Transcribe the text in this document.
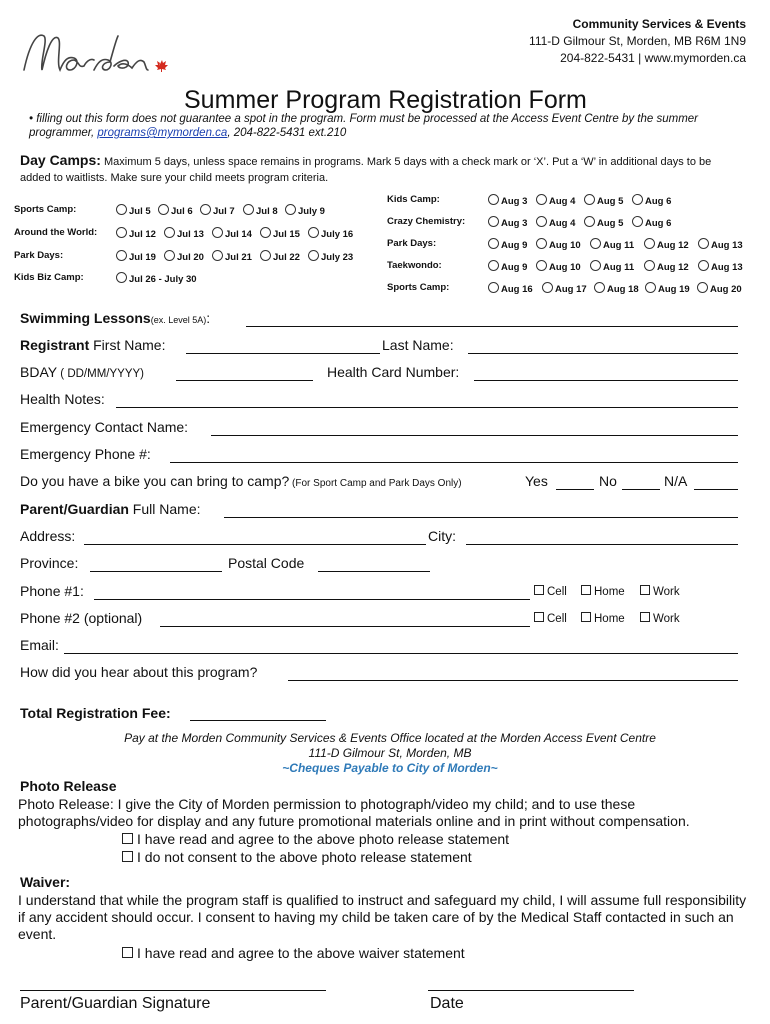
Community Services & Events
111-D Gilmour St, Morden, MB R6M 1N9
204-822-5431 | www.mymorden.ca
Summer Program Registration Form
• filling out this form does not guarantee a spot in the program. Form must be processed at the Access Event Centre by the summer programmer, programs@mymorden.ca, 204-822-5431 ext.210
Day Camps: Maximum 5 days, unless space remains in programs. Mark 5 days with a check mark or ‘X’. Put a ‘W’ in additional days to be added to waitlists. Make sure your child meets program criteria.
Sports Camp:	Jul 5	Jul 6	Jul 7	Jul 8	July 9
Around the World:	Jul 12	Jul 13	Jul 14	Jul 15	July 16
Park Days:	Jul 19	Jul 20	Jul 21	Jul 22	July 23
Kids Biz Camp:	Jul 26 - July 30
Kids Camp:	Aug 3	Aug 4	Aug 5	Aug 6
Crazy Chemistry:	Aug 3	Aug 4	Aug 5	Aug 6
Park Days:	Aug 9	Aug 10	Aug 11	Aug 12	Aug 13
Taekwondo:	Aug 9	Aug 10	Aug 11	Aug 12	Aug 13
Sports Camp:	Aug 16	Aug 17	Aug 18	Aug 19	Aug 20
Swimming Lessons(ex. Level 5A):
Registrant First Name:	Last Name:
BDAY ( DD/MM/YYYY)	Health Card Number:
Health Notes:
Emergency Contact Name:
Emergency Phone #:
Do you have a bike you can bring to camp? (For Sport Camp and Park Days Only)	Yes	No	N/A
Parent/Guardian Full Name:
Address:	City:
Province:	Postal Code
Phone #1:	Cell	Home	Work
Phone #2 (optional)	Cell	Home	Work
Email:
How did you hear about this program?
Total Registration Fee:
Pay at the Morden Community Services & Events Office located at the Morden Access Event Centre
111-D Gilmour St, Morden, MB
~Cheques Payable to City of Morden~
Photo Release
Photo Release: I give the City of Morden permission to photograph/video my child; and to use these photographs/video for display and any future promotional materials online and in print without compensation.
I have read and agree to the above photo release statement
I do not consent to the above photo release statement
Waiver:
I understand that while the program staff is qualified to instruct and safeguard my child, I will assume full responsibility if any accident should occur. I consent to having my child be taken care of by the Medical Staff contacted in such an event.
I have read and agree to the above waiver statement
Parent/Guardian Signature	Date
